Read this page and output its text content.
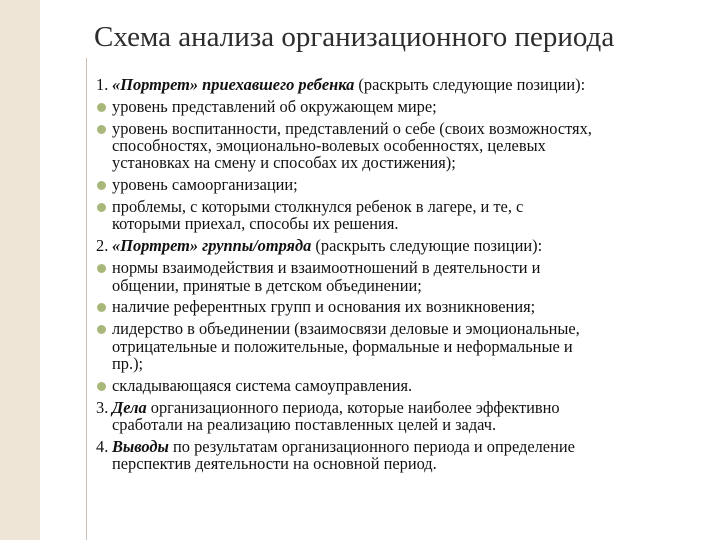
Схема анализа организационного периода
1. «Портрет» приехавшего ребенка (раскрыть следующие позиции):
уровень представлений об окружающем мире;
уровень воспитанности, представлений о себе (своих возможностях,
способностях, эмоционально-волевых особенностях, целевых
установках на смену и способах их достижения);
уровень самоорганизации;
проблемы, с которыми столкнулся ребенок в лагере, и те, с
которыми приехал, способы их решения.
2. «Портрет» группы/отряда (раскрыть следующие позиции):
нормы взаимодействия и взаимоотношений в деятельности и
общении, принятые в детском объединении;
наличие референтных групп и основания их возникновения;
лидерство в объединении (взаимосвязи деловые и эмоциональные,
отрицательные и положительные, формальные и неформальные и
пр.);
складывающаяся система самоуправления.
3. Дела организационного периода, которые наиболее эффективно
сработали на реализацию поставленных целей и задач.
4. Выводы по результатам организационного периода и определение
перспектив деятельности на основной период.
